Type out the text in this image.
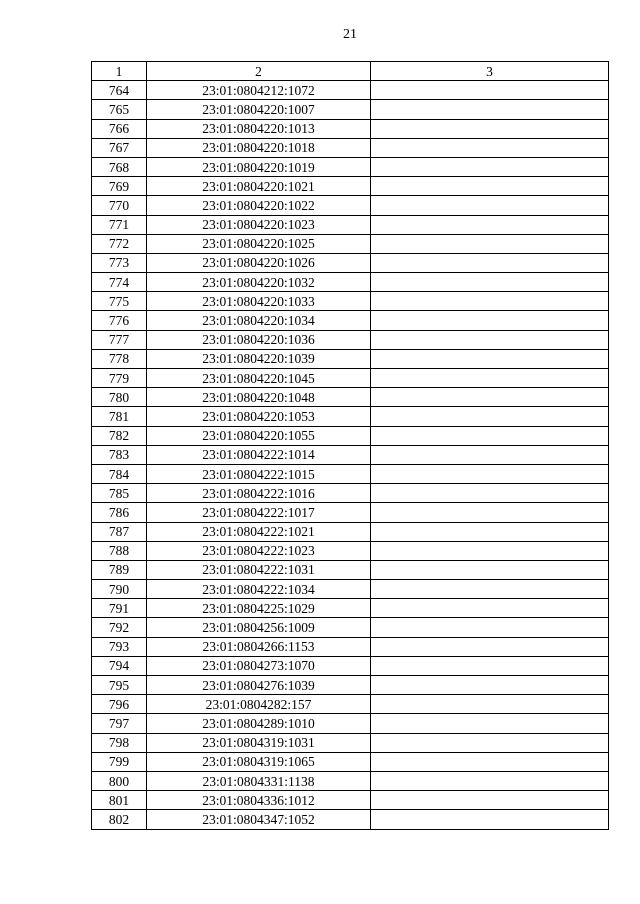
21
1	2	3
764	23:01:0804212:1072	
765	23:01:0804220:1007	
766	23:01:0804220:1013	
767	23:01:0804220:1018	
768	23:01:0804220:1019	
769	23:01:0804220:1021	
770	23:01:0804220:1022	
771	23:01:0804220:1023	
772	23:01:0804220:1025	
773	23:01:0804220:1026	
774	23:01:0804220:1032	
775	23:01:0804220:1033	
776	23:01:0804220:1034	
777	23:01:0804220:1036	
778	23:01:0804220:1039	
779	23:01:0804220:1045	
780	23:01:0804220:1048	
781	23:01:0804220:1053	
782	23:01:0804220:1055	
783	23:01:0804222:1014	
784	23:01:0804222:1015	
785	23:01:0804222:1016	
786	23:01:0804222:1017	
787	23:01:0804222:1021	
788	23:01:0804222:1023	
789	23:01:0804222:1031	
790	23:01:0804222:1034	
791	23:01:0804225:1029	
792	23:01:0804256:1009	
793	23:01:0804266:1153	
794	23:01:0804273:1070	
795	23:01:0804276:1039	
796	23:01:0804282:157	
797	23:01:0804289:1010	
798	23:01:0804319:1031	
799	23:01:0804319:1065	
800	23:01:0804331:1138	
801	23:01:0804336:1012	
802	23:01:0804347:1052	
